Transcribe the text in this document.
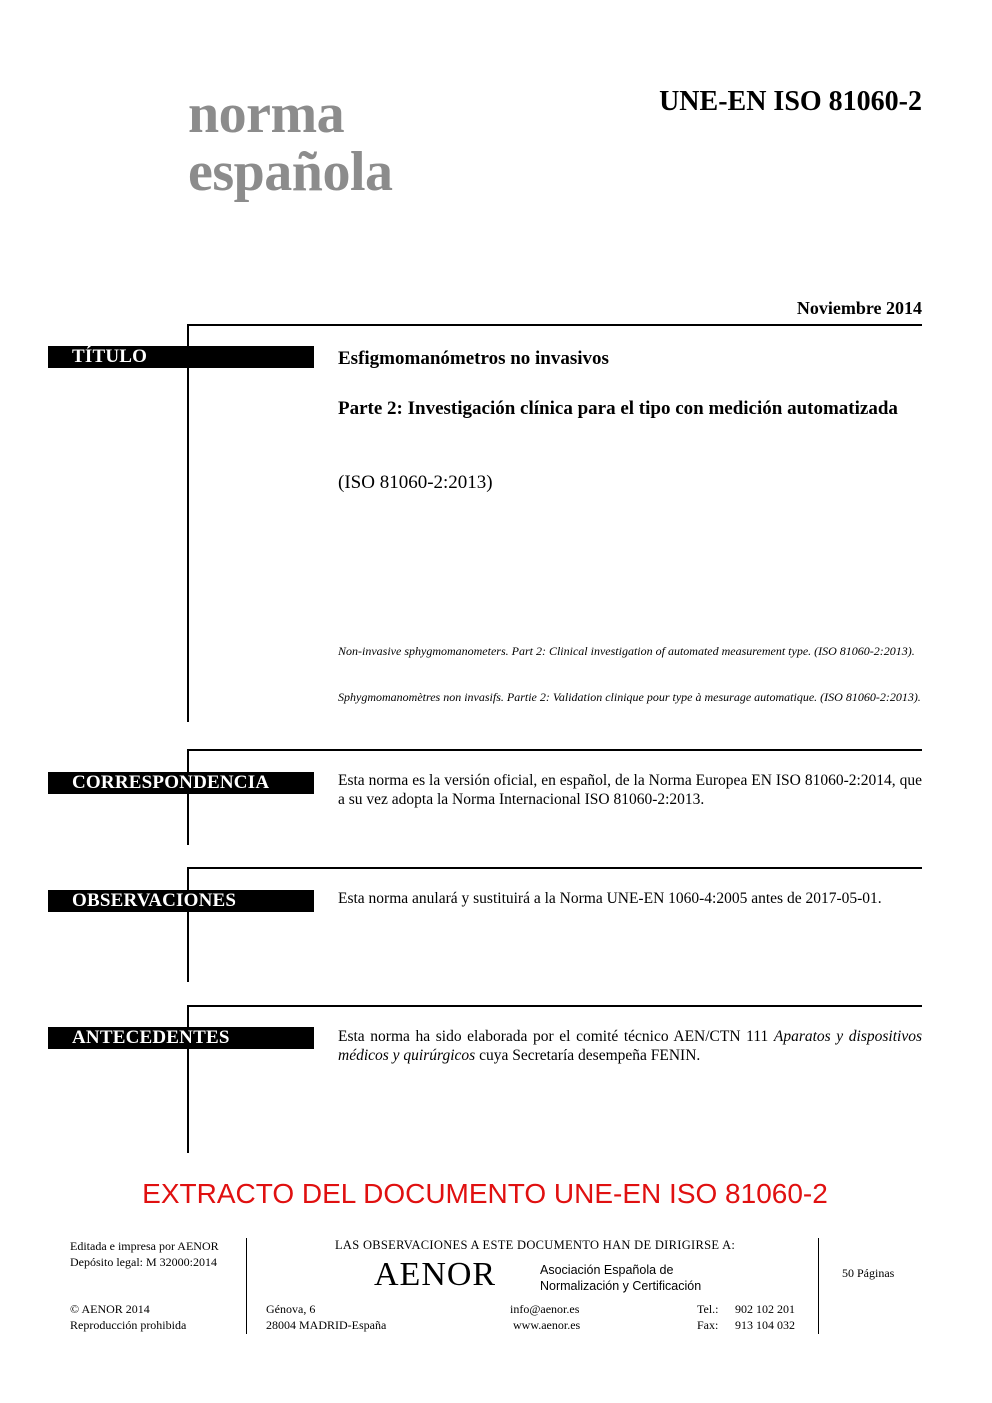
norma
española
UNE-EN ISO 81060-2
Noviembre 2014
TÍTULO	Esfigmomanómetros no invasivos
Parte 2: Investigación clínica para el tipo con medición automatizada
(ISO 81060-2:2013)
Non-invasive sphygmomanometers. Part 2: Clinical investigation of automated measurement type. (ISO 81060-2:2013).
Sphygmomanomètres non invasifs. Partie 2: Validation clinique pour type à mesurage automatique. (ISO 81060-2:2013).
CORRESPONDENCIA	Esta norma es la versión oficial, en español, de la Norma Europea EN ISO 81060-2:2014, que a su vez adopta la Norma Internacional ISO 81060-2:2013.
OBSERVACIONES	Esta norma anulará y sustituirá a la Norma UNE-EN 1060-4:2005 antes de 2017-05-01.
ANTECEDENTES	Esta norma ha sido elaborada por el comité técnico AEN/CTN 111 Aparatos y dispositivos médicos y quirúrgicos cuya Secretaría desempeña FENIN.
EXTRACTO DEL DOCUMENTO UNE-EN ISO 81060-2
Editada e impresa por AENOR
Depósito legal: M 32000:2014
© AENOR 2014
Reproducción prohibida
LAS OBSERVACIONES A ESTE DOCUMENTO HAN DE DIRIGIRSE A:
AENOR	Asociación Española de
Normalización y Certificación
Génova, 6
28004 MADRID-España
info@aenor.es
www.aenor.es
Tel.: 902 102 201
Fax: 913 104 032
50 Páginas
